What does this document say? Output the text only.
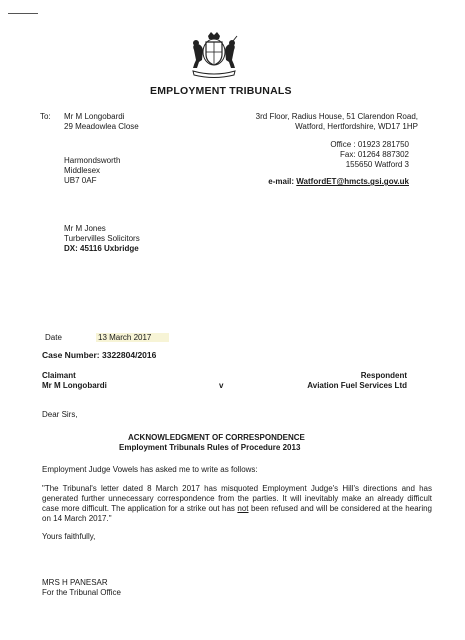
EMPLOYMENT TRIBUNALS
To: Mr M Longobardi
29 Meadowlea Close
Harmondsworth
Middlesex
UB7 0AF
3rd Floor, Radius House, 51 Clarendon Road,
Watford, Hertfordshire, WD17 1HP
Office : 01923 281750
Fax: 01264 887302
155650 Watford 3
e-mail: WatfordET@hmcts.gsi.gov.uk
Mr M Jones
Turbervilles Solicitors
DX: 45116 Uxbridge
Date	13 March 2017
Case Number: 3322804/2016
Claimant
Mr M Longobardi	v
Respondent
Aviation Fuel Services Ltd
Dear Sirs,
ACKNOWLEDGMENT OF CORRESPONDENCE
Employment Tribunals Rules of Procedure 2013
Employment Judge Vowels has asked me to write as follows:
"The Tribunal's letter dated 8 March 2017 has misquoted Employment Judge's Hill's directions and has generated further unnecessary correspondence from the parties. It will inevitably make an already difficult case more difficult. The application for a strike out has not been refused and will be considered at the hearing on 14 March 2017."
Yours faithfully,
MRS H PANESAR
For the Tribunal Office
